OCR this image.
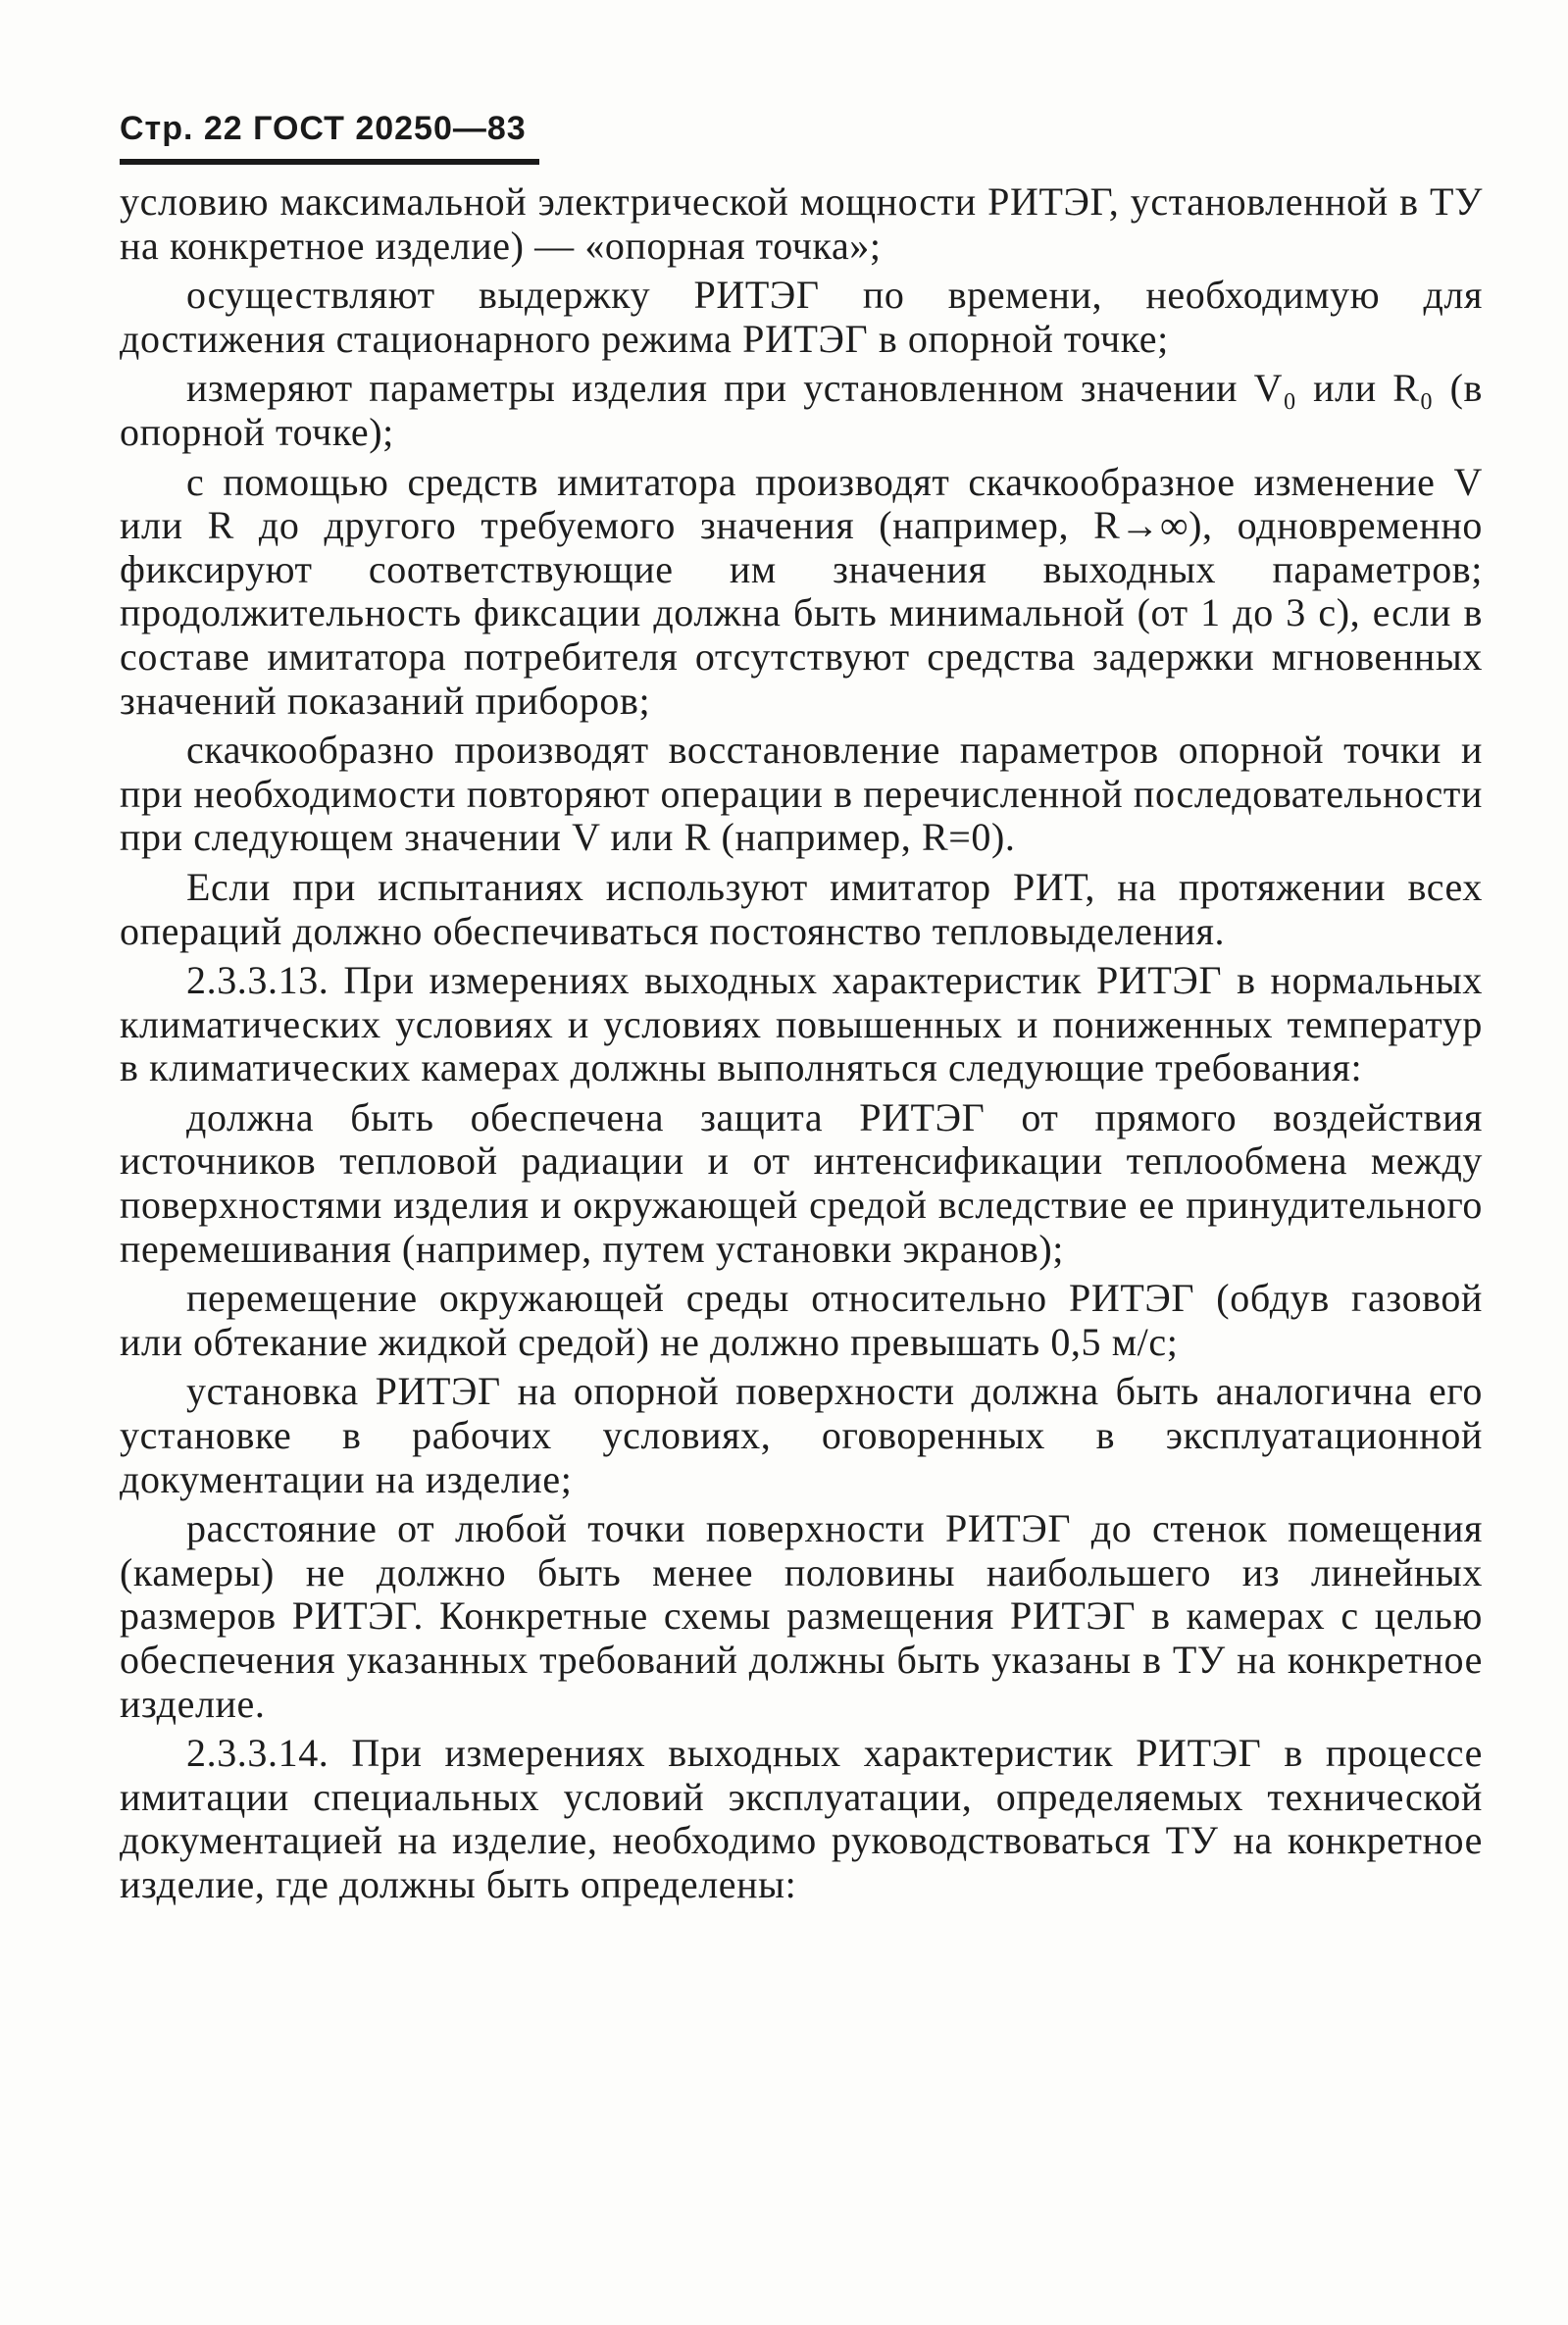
Стр. 22 ГОСТ 20250—83

условию максимальной электрической мощности РИТЭГ, установленной в ТУ на конкретное изделие) — «опорная точка»;

осуществляют выдержку РИТЭГ по времени, необходимую для достижения стационарного режима РИТЭГ в опорной точке;

измеряют параметры изделия при установленном значении V₀ или R₀ (в опорной точке);

с помощью средств имитатора производят скачкообразное изменение V или R до другого требуемого значения (например, R→∞), одновременно фиксируют соответствующие им значения выходных параметров; продолжительность фиксации должна быть минимальной (от 1 до 3 с), если в составе имитатора потребителя отсутствуют средства задержки мгновенных значений показаний приборов;

скачкообразно производят восстановление параметров опорной точки и при необходимости повторяют операции в перечисленной последовательности при следующем значении V или R (например, R=0).

Если при испытаниях используют имитатор РИТ, на протяжении всех операций должно обеспечиваться постоянство тепловыделения.

2.3.3.13. При измерениях выходных характеристик РИТЭГ в нормальных климатических условиях и условиях повышенных и пониженных температур в климатических камерах должны выполняться следующие требования:

должна быть обеспечена защита РИТЭГ от прямого воздействия источников тепловой радиации и от интенсификации теплообмена между поверхностями изделия и окружающей средой вследствие ее принудительного перемешивания (например, путем установки экранов);

перемещение окружающей среды относительно РИТЭГ (обдув газовой или обтекание жидкой средой) не должно превышать 0,5 м/с;

установка РИТЭГ на опорной поверхности должна быть аналогична его установке в рабочих условиях, оговоренных в эксплуатационной документации на изделие;

расстояние от любой точки поверхности РИТЭГ до стенок помещения (камеры) не должно быть менее половины наибольшего из линейных размеров РИТЭГ. Конкретные схемы размещения РИТЭГ в камерах с целью обеспечения указанных требований должны быть указаны в ТУ на конкретное изделие.

2.3.3.14. При измерениях выходных характеристик РИТЭГ в процессе имитации специальных условий эксплуатации, определяемых технической документацией на изделие, необходимо руководствоваться ТУ на конкретное изделие, где должны быть определены:
